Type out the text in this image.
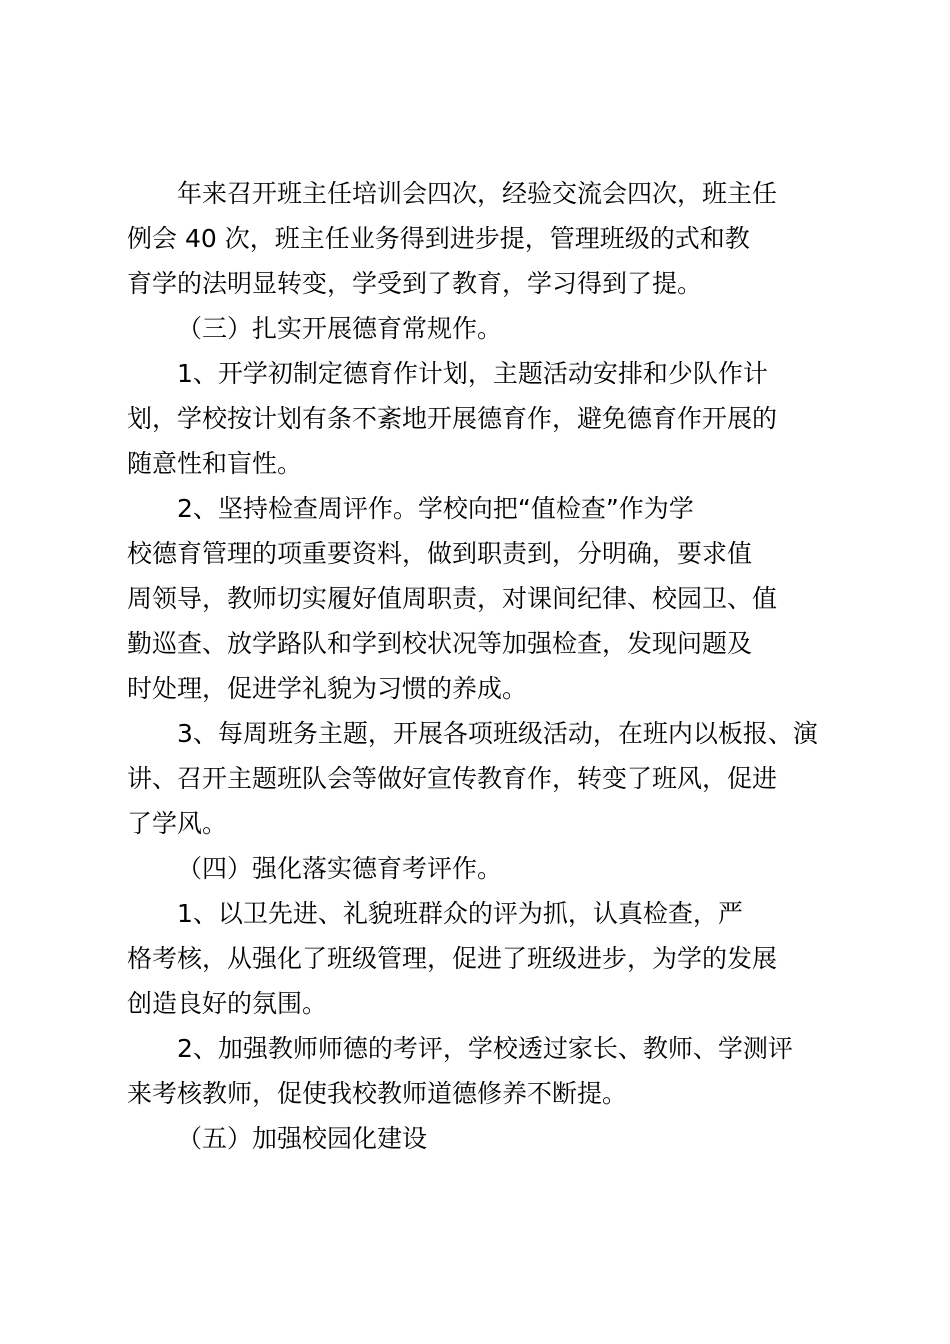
年来召开班主任培训会四次，经验交流会四次，班主任
例会 40 次，班主任业务得到进步提，管理班级的式和教
育学的法明显转变，学受到了教育，学习得到了提。
（三）扎实开展德育常规作。
1、开学初制定德育作计划，主题活动安排和少队作计
划，学校按计划有条不紊地开展德育作，避免德育作开展的
随意性和盲性。
2、坚持检查周评作。学校向把“值检查”作为学
校德育管理的项重要资料，做到职责到，分明确，要求值
周领导，教师切实履好值周职责，对课间纪律、校园卫、值
勤巡查、放学路队和学到校状况等加强检查，发现问题及
时处理，促进学礼貌为习惯的养成。
3、每周班务主题，开展各项班级活动，在班内以板报、演
讲、召开主题班队会等做好宣传教育作，转变了班风，促进
了学风。
（四）强化落实德育考评作。
1、以卫先进、礼貌班群众的评为抓，认真检查，严
格考核，从强化了班级管理，促进了班级进步，为学的发展
创造良好的氛围。
2、加强教师师德的考评，学校透过家长、教师、学测评
来考核教师，促使我校教师道德修养不断提。
（五）加强校园化建设
